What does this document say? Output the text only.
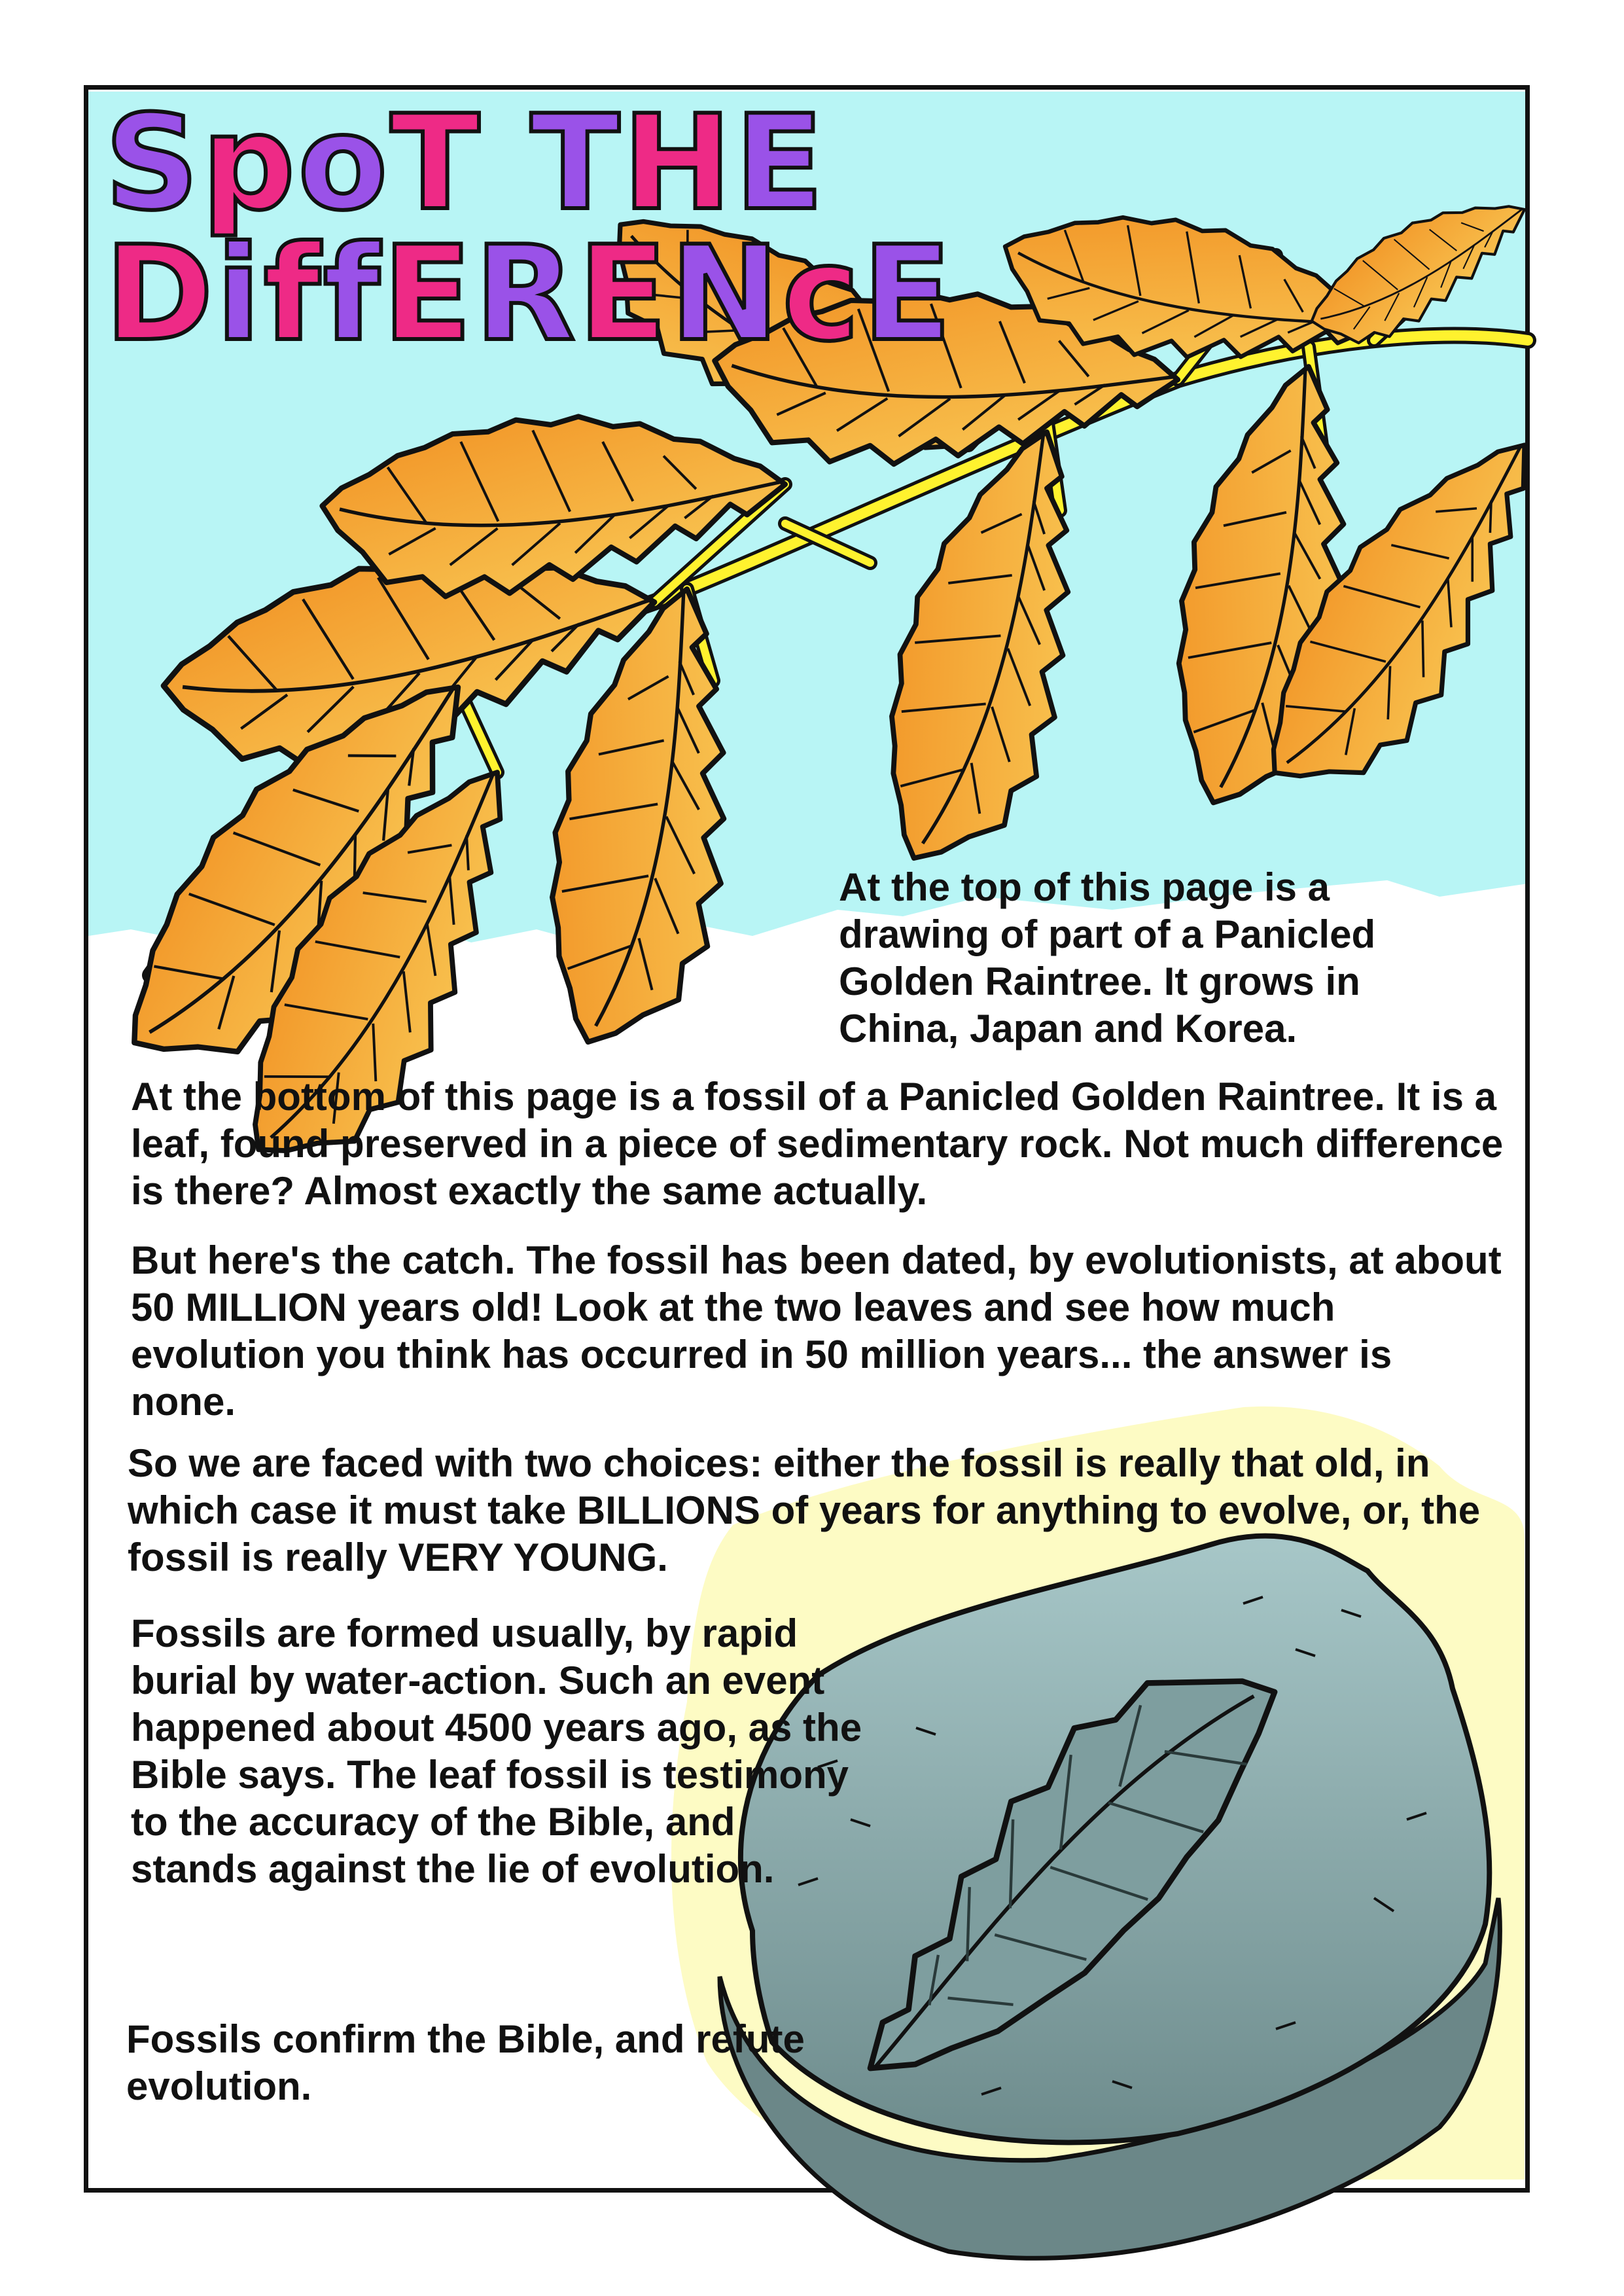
SpoT THE
DiffERENcE

At the top of this page is a drawing of part of a Panicled Golden Raintree. It grows in China, Japan and Korea.

At the bottom of this page is a fossil of a Panicled Golden Raintree. It is a leaf, found preserved in a piece of sedimentary rock. Not much difference is there? Almost exactly the same actually.

But here's the catch. The fossil has been dated, by evolutionists, at about 50 MILLION years old! Look at the two leaves and see how much evolution you think has occurred in 50 million years... the answer is none.

So we are faced with two choices: either the fossil is really that old, in which case it must take BILLIONS of years for anything to evolve, or, the fossil is really VERY YOUNG.

Fossils are formed usually, by rapid burial by water-action. Such an event happened about 4500 years ago, as the Bible says. The leaf fossil is testimony to the accuracy of the Bible, and stands against the lie of evolution.

Fossils confirm the Bible, and refute evolution.
